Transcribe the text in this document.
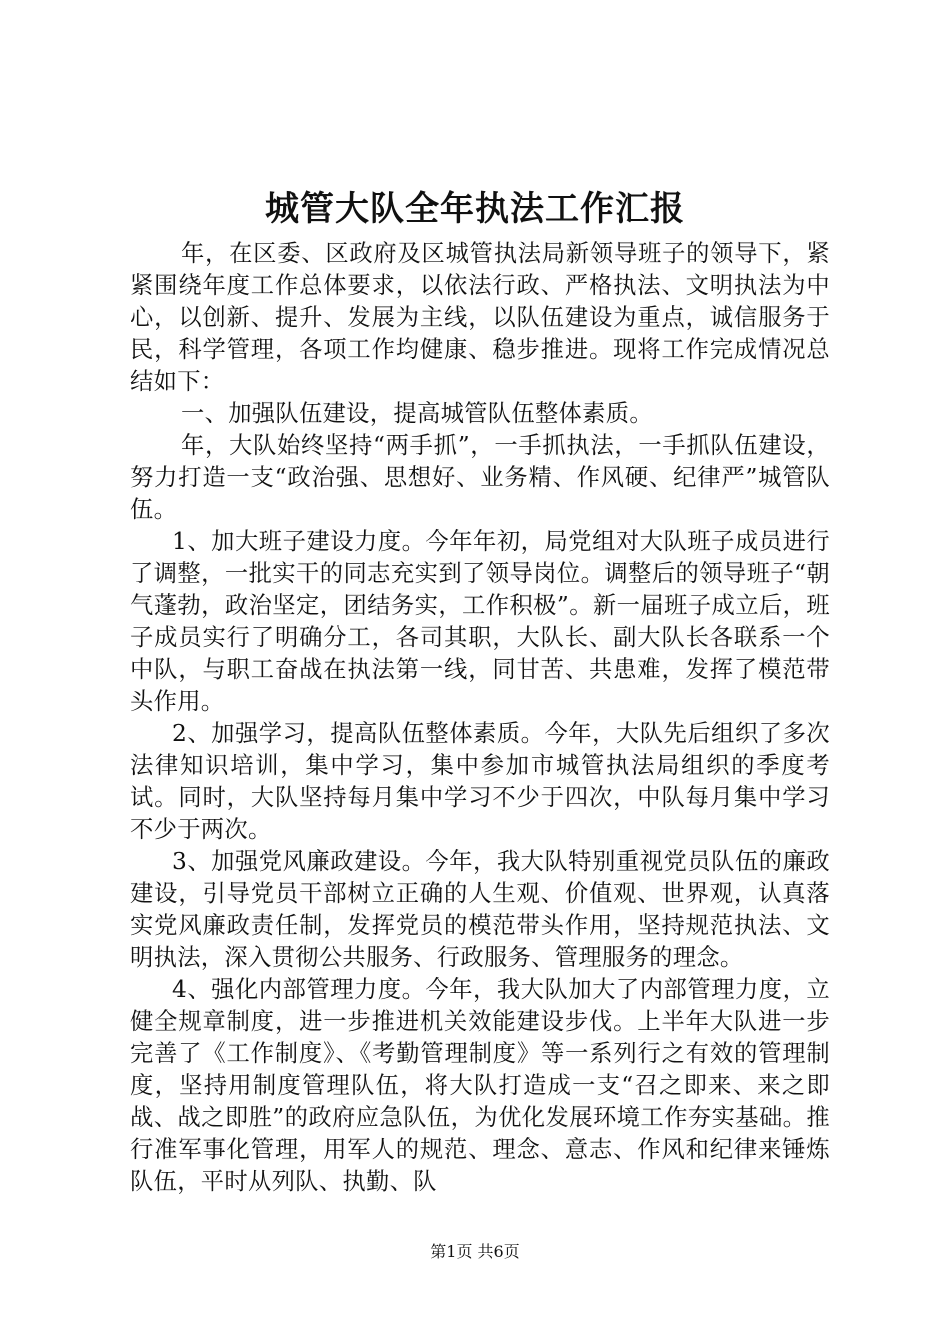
城管大队全年执法工作汇报

年，在区委、区政府及区城管执法局新领导班子的领导下，紧紧围绕年度工作总体要求，以依法行政、严格执法、文明执法为中心，以创新、提升、发展为主线，以队伍建设为重点，诚信服务于民，科学管理，各项工作均健康、稳步推进。现将工作完成情况总结如下：

一、加强队伍建设，提高城管队伍整体素质。

年，大队始终坚持“两手抓”，一手抓执法，一手抓队伍建设，努力打造一支“政治强、思想好、业务精、作风硬、纪律严”城管队伍。

1、加大班子建设力度。今年年初，局党组对大队班子成员进行了调整，一批实干的同志充实到了领导岗位。调整后的领导班子“朝气蓬勃，政治坚定，团结务实，工作积极”。新一届班子成立后，班子成员实行了明确分工，各司其职，大队长、副大队长各联系一个中队，与职工奋战在执法第一线，同甘苦、共患难，发挥了模范带头作用。

2、加强学习，提高队伍整体素质。今年，大队先后组织了多次法律知识培训，集中学习，集中参加市城管执法局组织的季度考试。同时，大队坚持每月集中学习不少于四次，中队每月集中学习不少于两次。

3、加强党风廉政建设。今年，我大队特别重视党员队伍的廉政建设，引导党员干部树立正确的人生观、价值观、世界观，认真落实党风廉政责任制，发挥党员的模范带头作用，坚持规范执法、文明执法，深入贯彻公共服务、行政服务、管理服务的理念。

4、强化内部管理力度。今年，我大队加大了内部管理力度，立健全规章制度，进一步推进机关效能建设步伐。上半年大队进一步完善了《工作制度》、《考勤管理制度》等一系列行之有效的管理制度，坚持用制度管理队伍，将大队打造成一支“召之即来、来之即战、战之即胜”的政府应急队伍，为优化发展环境工作夯实基础。推行准军事化管理，用军人的规范、理念、意志、作风和纪律来锤炼队伍，平时从列队、执勤、队

第1页 共6页
